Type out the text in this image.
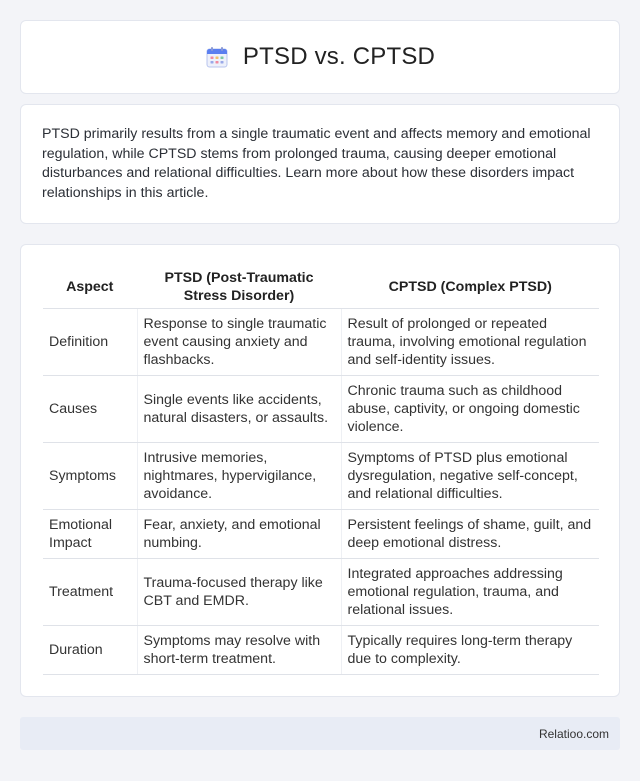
PTSD vs. CPTSD

PTSD primarily results from a single traumatic event and affects memory and emotional regulation, while CPTSD stems from prolonged trauma, causing deeper emotional disturbances and relational difficulties. Learn more about how these disorders impact relationships in this article.

Aspect	PTSD (Post-Traumatic Stress Disorder)	CPTSD (Complex PTSD)
Definition	Response to single traumatic event causing anxiety and flashbacks.	Result of prolonged or repeated trauma, involving emotional regulation and self-identity issues.
Causes	Single events like accidents, natural disasters, or assaults.	Chronic trauma such as childhood abuse, captivity, or ongoing domestic violence.
Symptoms	Intrusive memories, nightmares, hypervigilance, avoidance.	Symptoms of PTSD plus emotional dysregulation, negative self-concept, and relational difficulties.
Emotional Impact	Fear, anxiety, and emotional numbing.	Persistent feelings of shame, guilt, and deep emotional distress.
Treatment	Trauma-focused therapy like CBT and EMDR.	Integrated approaches addressing emotional regulation, trauma, and relational issues.
Duration	Symptoms may resolve with short-term treatment.	Typically requires long-term therapy due to complexity.
Relatioo.com
